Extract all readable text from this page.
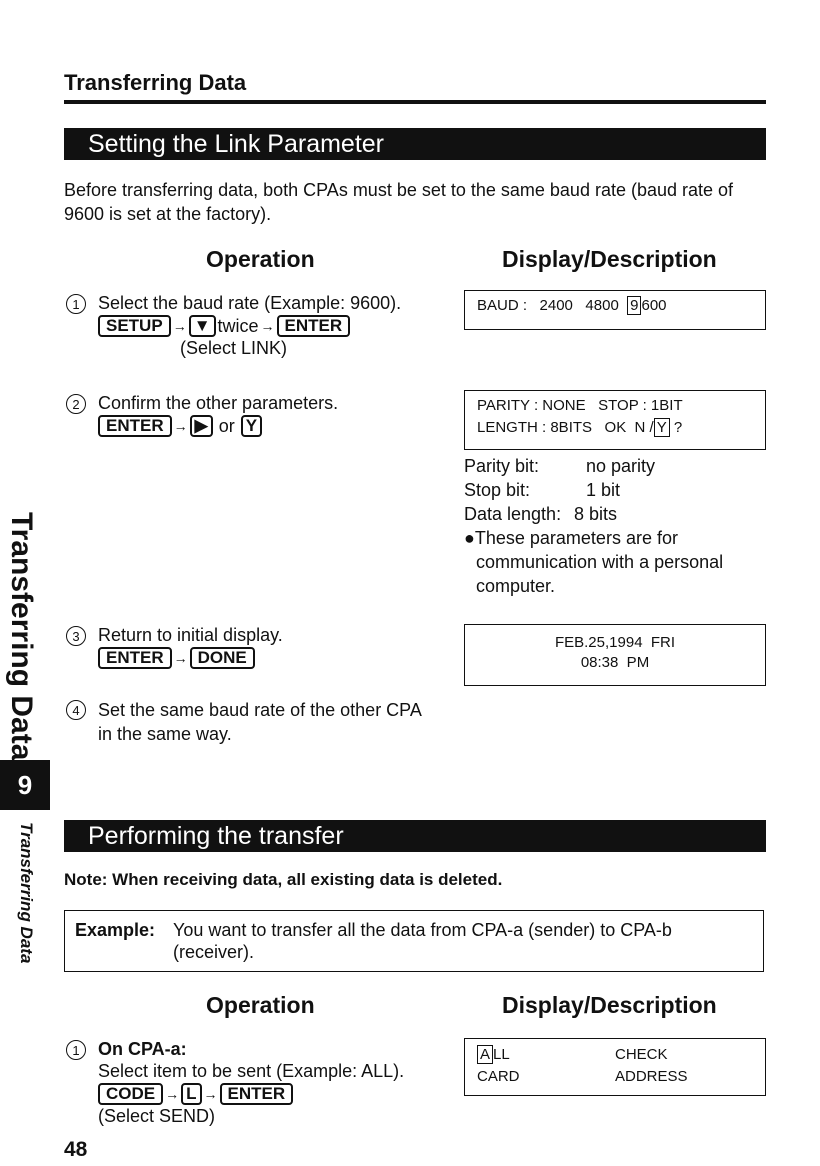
Transferring Data
Setting the Link Parameter
Before transferring data, both CPAs must be set to the same baud rate (baud rate of 9600 is set at the factory).
Operation	Display/Description
1	Select the baud rate (Example: 9600).
SETUP → ▼ twice → ENTER
(Select LINK)
BAUD : 2400 4800 9 600
2	Confirm the other parameters.
ENTER → ▶ or Y
PARITY : NONE   STOP : 1BIT
LENGTH : 8BITS   OK  N / Y ?
Parity bit:	no parity
Stop bit:	1 bit
Data length: 8 bits
●These parameters are for communication with a personal computer.
3	Return to initial display.
ENTER → DONE
FEB.25,1994  FRI
08:38  PM
4	Set the same baud rate of the other CPA in the same way.
Transferring Data
9
Transferring Data	Performing the transfer
Note: When receiving data, all existing data is deleted.
Example: You want to transfer all the data from CPA-a (sender) to CPA-b (receiver).
Operation	Display/Description
1	On CPA-a:
Select item to be sent (Example: ALL).
CODE → L → ENTER
(Select SEND)
A LL	CHECK
CARD	ADDRESS
48
